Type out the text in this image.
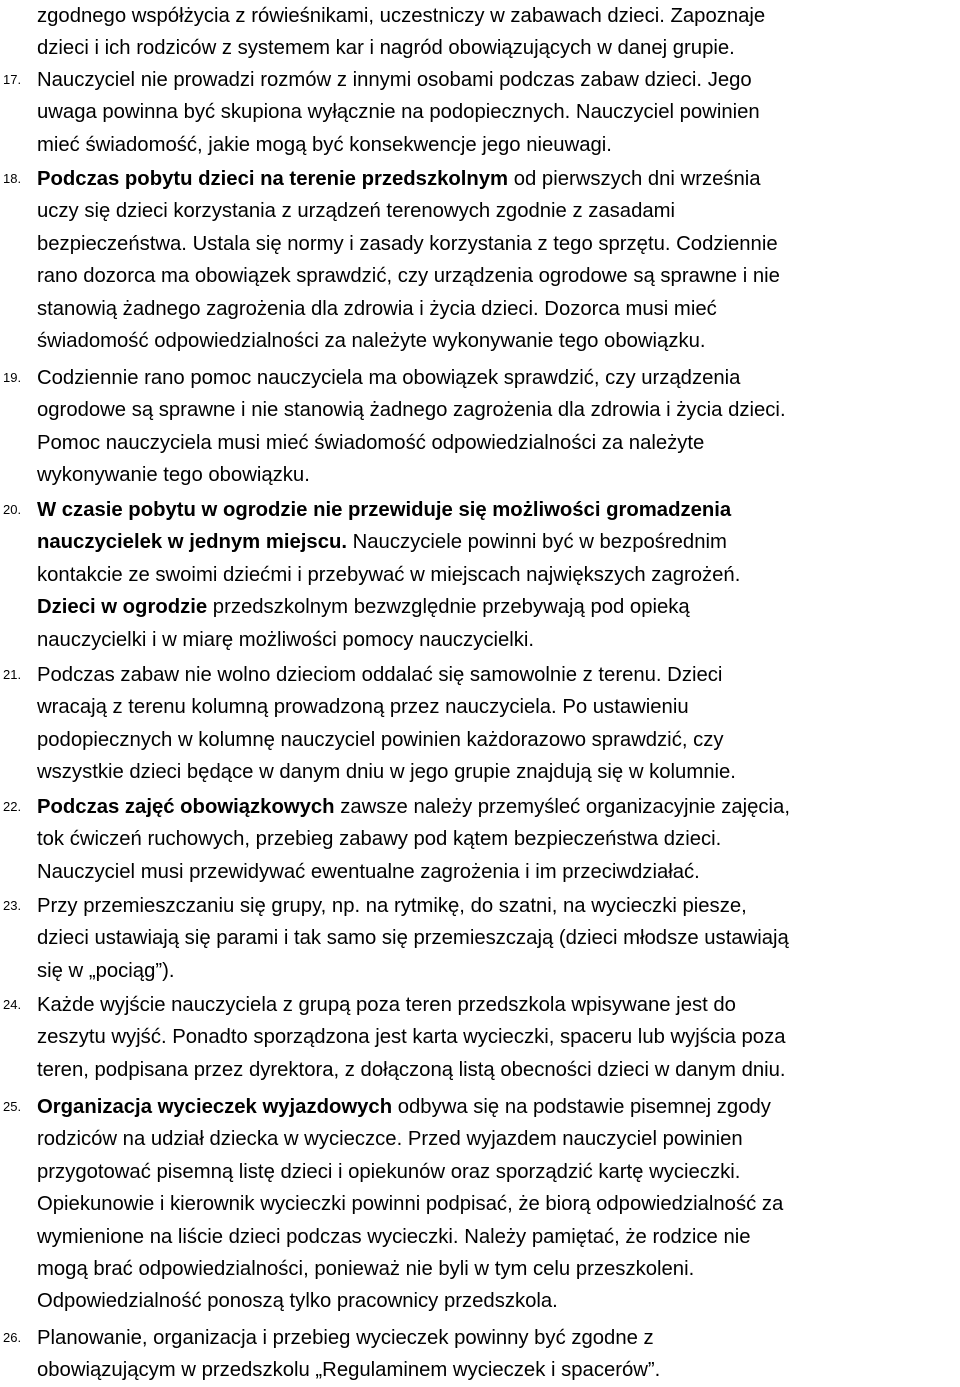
zgodnego współżycia z rówieśnikami, uczestniczy w zabawach dzieci. Zapoznaje
dzieci i ich rodziców z systemem kar i nagród obowiązujących w danej grupie.
17. Nauczyciel nie prowadzi rozmów z innymi osobami podczas zabaw dzieci. Jego
uwaga powinna być skupiona wyłącznie na podopiecznych. Nauczyciel powinien
mieć świadomość, jakie mogą być konsekwencje jego nieuwagi.
18. Podczas pobytu dzieci na terenie przedszkolnym od pierwszych dni września
uczy się dzieci korzystania z urządzeń terenowych zgodnie z zasadami
bezpieczeństwa. Ustala się normy i zasady korzystania z tego sprzętu. Codziennie
rano dozorca ma obowiązek sprawdzić, czy urządzenia ogrodowe są sprawne i nie
stanowią żadnego zagrożenia dla zdrowia i życia dzieci. Dozorca musi mieć
świadomość odpowiedzialności za należyte wykonywanie tego obowiązku.
19. Codziennie rano pomoc nauczyciela ma obowiązek sprawdzić, czy urządzenia
ogrodowe są sprawne i nie stanowią żadnego zagrożenia dla zdrowia i życia dzieci.
Pomoc nauczyciela musi mieć świadomość odpowiedzialności za należyte
wykonywanie tego obowiązku.
20. W czasie pobytu w ogrodzie nie przewiduje się możliwości gromadzenia
nauczycielek w jednym miejscu. Nauczyciele powinni być w bezpośrednim
kontakcie ze swoimi dziećmi i przebywać w miejscach największych zagrożeń.
Dzieci w ogrodzie przedszkolnym bezwzględnie przebywają pod opieką
nauczycielki i w miarę możliwości pomocy nauczycielki.
21. Podczas zabaw nie wolno dzieciom oddalać się samowolnie z terenu. Dzieci
wracają z terenu kolumną prowadzoną przez nauczyciela. Po ustawieniu
podopiecznych w kolumnę nauczyciel powinien każdorazowo sprawdzić, czy
wszystkie dzieci będące w danym dniu w jego grupie znajdują się w kolumnie.
22. Podczas zajęć obowiązkowych zawsze należy przemyśleć organizacyjnie zajęcia,
tok ćwiczeń ruchowych, przebieg zabawy pod kątem bezpieczeństwa dzieci.
Nauczyciel musi przewidywać ewentualne zagrożenia i im przeciwdziałać.
23. Przy przemieszczaniu się grupy, np. na rytmikę, do szatni, na wycieczki piesze,
dzieci ustawiają się parami i tak samo się przemieszczają (dzieci młodsze ustawiają
się w „pociąg”).
24. Każde wyjście nauczyciela z grupą poza teren przedszkola wpisywane jest do
zeszytu wyjść. Ponadto sporządzona jest karta wycieczki, spaceru lub wyjścia poza
teren, podpisana przez dyrektora, z dołączoną listą obecności dzieci w danym dniu.
25. Organizacja wycieczek wyjazdowych odbywa się na podstawie pisemnej zgody
rodziców na udział dziecka w wycieczce. Przed wyjazdem nauczyciel powinien
przygotować pisemną listę dzieci i opiekunów oraz sporządzić kartę wycieczki.
Opiekunowie i kierownik wycieczki powinni podpisać, że biorą odpowiedzialność za
wymienione na liście dzieci podczas wycieczki. Należy pamiętać, że rodzice nie
mogą brać odpowiedzialności, ponieważ nie byli w tym celu przeszkoleni.
Odpowiedzialność ponoszą tylko pracownicy przedszkola.
26. Planowanie, organizacja i przebieg wycieczek powinny być zgodne z
obowiązującym w przedszkolu „Regulaminem wycieczek i spacerów”.
